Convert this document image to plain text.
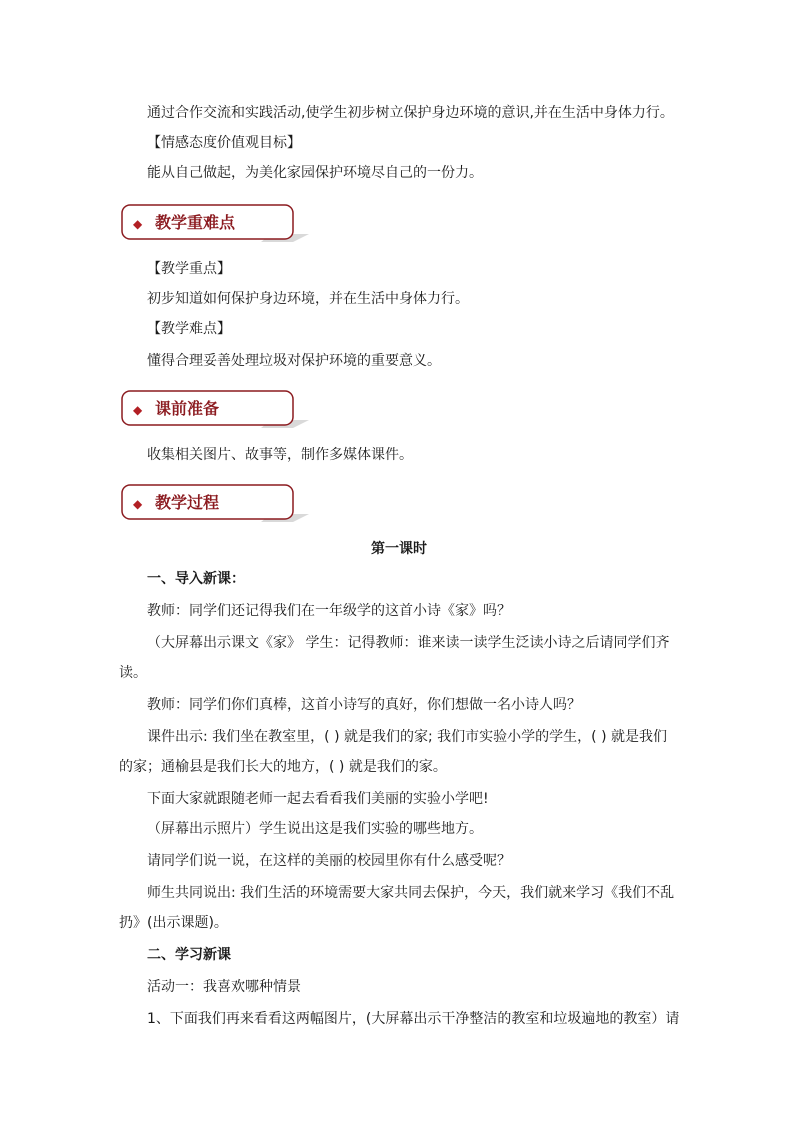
通过合作交流和实践活动,使学生初步树立保护身边环境的意识,并在生活中身体力行。

【情感态度价值观目标】

能从自己做起，为美化家园保护环境尽自己的一份力。

◆ 教学重难点

【教学重点】

初步知道如何保护身边环境，并在生活中身体力行。

【教学难点】

懂得合理妥善处理垃圾对保护环境的重要意义。

◆ 课前准备

收集相关图片、故事等，制作多媒体课件。

◆ 教学过程

第一课时

一、导入新课：

教师：同学们还记得我们在一年级学的这首小诗《家》吗？

（大屏幕出示课文《家》 学生：记得教师：谁来读一读学生泛读小诗之后请同学们齐

读。

教师：同学们你们真棒，这首小诗写的真好，你们想做一名小诗人吗？

课件出示: 我们坐在教室里，( ) 就是我们的家; 我们市实验小学的学生，( ) 就是我们

的家；通榆县是我们长大的地方，( ) 就是我们的家。

下面大家就跟随老师一起去看看我们美丽的实验小学吧!

（屏幕出示照片）学生说出这是我们实验的哪些地方。

请同学们说一说，在这样的美丽的校园里你有什么感受呢？

师生共同说出: 我们生活的环境需要大家共同去保护，今天，我们就来学习《我们不乱

扔》(出示课题)。

二、学习新课

活动一：我喜欢哪种情景

1、下面我们再来看看这两幅图片，(大屏幕出示干净整洁的教室和垃圾遍地的教室）请
